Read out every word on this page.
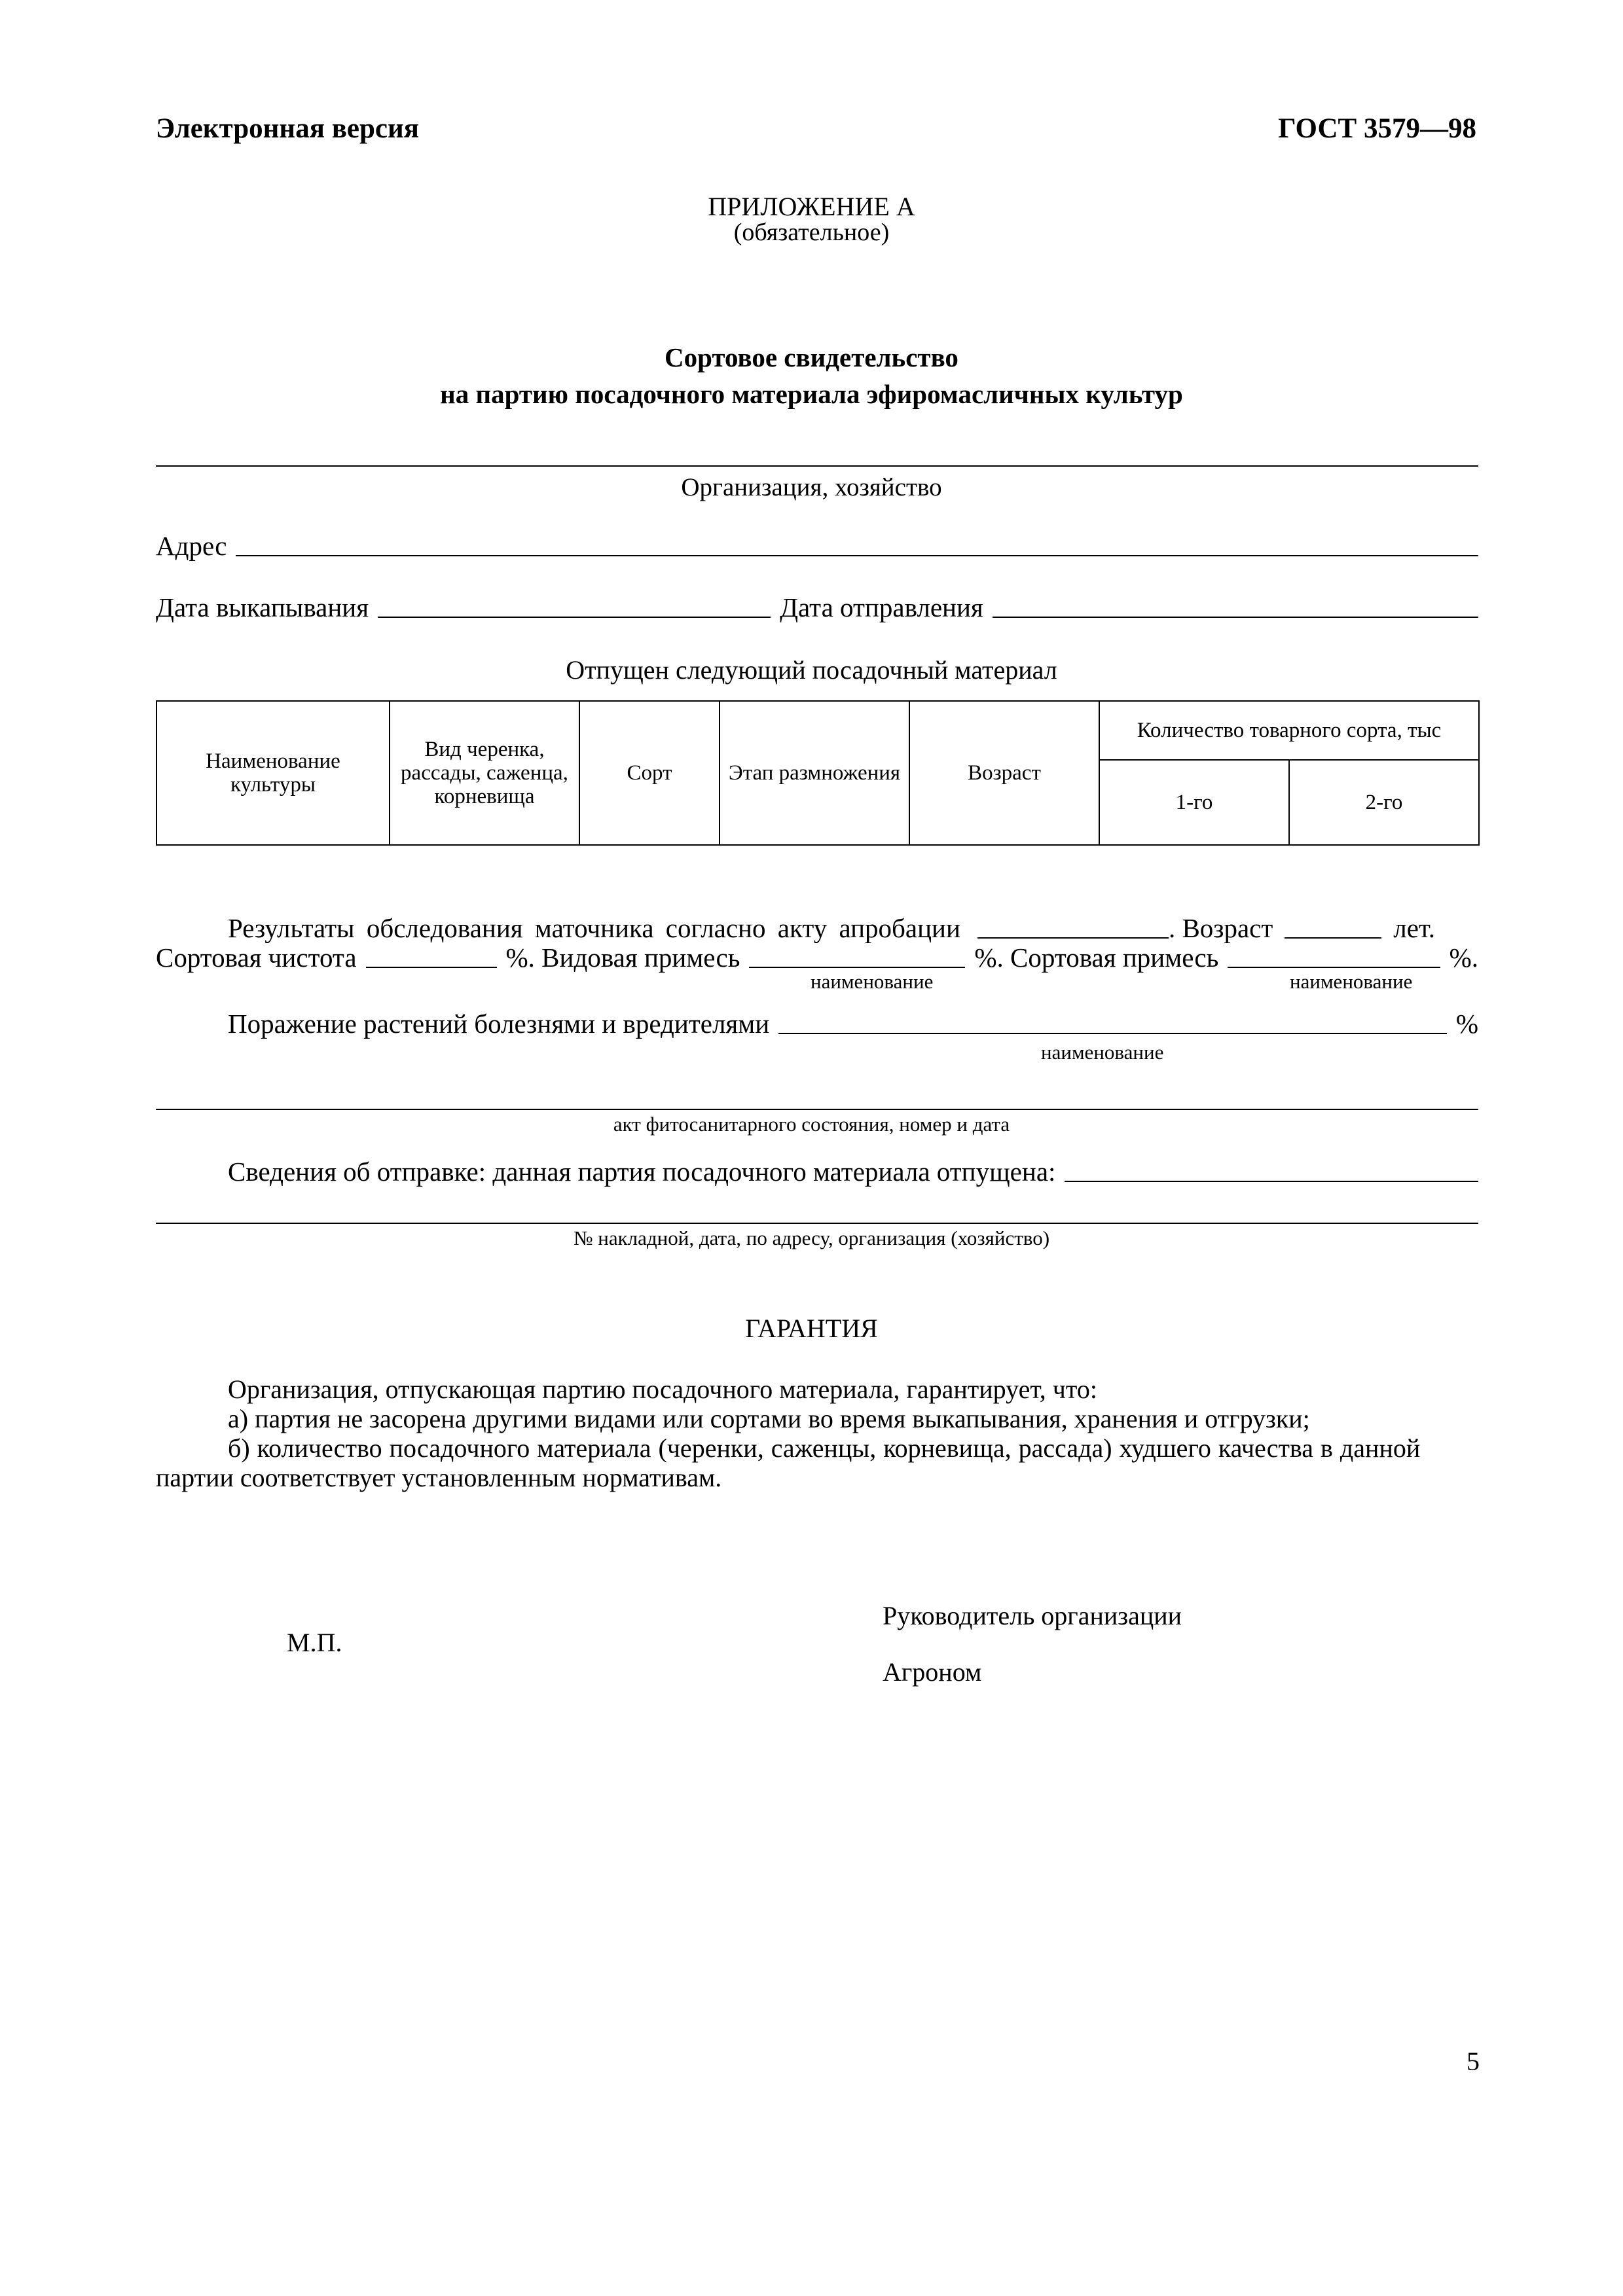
Электронная версия	ГОСТ 3579—98
ПРИЛОЖЕНИЕ А
(обязательное)
Сортовое свидетельство
на партию посадочного материала эфиромасличных культур
Организация, хозяйство
Адрес
Дата выкапывания	Дата отправления
Отпущен следующий посадочный материал
Наименование культуры	Вид черенка, рассады, саженца, корневища	Сорт	Этап размножения	Возраст	Количество товарного сорта, тыс	
					1-го	2-го
Результаты обследования маточника согласно акту апробации	. Возраст	лет.
Сортовая чистота	%. Видовая примесь	%. Сортовая примесь	%.
наименование	наименование
Поражение растений болезнями и вредителями	%
наименование
акт фитосанитарного состояния, номер и дата
Сведения об отправке: данная партия посадочного материала отпущена:
№ накладной, дата, по адресу, организация (хозяйство)
ГАРАНТИЯ
Организация, отпускающая партию посадочного материала, гарантирует, что:
а) партия не засорена другими видами или сортами во время выкапывания, хранения и отгрузки;
б) количество посадочного материала (черенки, саженцы, корневища, рассада) худшего качества в данной
партии соответствует установленным нормативам.
Руководитель организации
М.П.
Агроном
5
